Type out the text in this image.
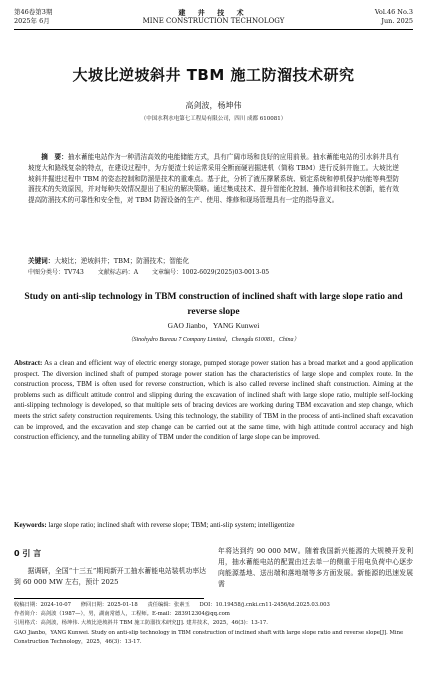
第46卷第3期
2025年 6月
建 井 技 术
MINE CONSTRUCTION TECHNOLOGY
Vol.46 No.3
Jun. 2025
大坡比逆坡斜井 TBM 施工防溜技术研究
高剑波，杨坤伟
（中国水利水电第七工程局有限公司，四川 成都 610081）
摘　要：抽水蓄能电站作为一种清洁高效的电能储能方式，具有广阔市场和良好的应用前景。抽水蓄能电站的引水斜井具有坡度大和路线复杂的特点，在建设过程中，为方便渣土转运常采用全断面硬岩掘进机（简称 TBM）进行反斜井施工。大坡比逆坡斜井掘进过程中 TBM 的姿态控制和防溜是技术的重难点。基于此，分析了液压撑紧系统、锁定系统和停机保护功能等典型防溜技术的失效原因，并对每种失效情况提出了相应的解决策略。通过集成技术、提升智能化控制、操作培训和技术创新，能有效提高防溜技术的可靠性和安全性，对 TBM 防溜设备的生产、使用、维修和现场管理具有一定的指导意义。
关键词：大坡比；逆坡斜井；TBM；防溜技术；智能化
中图分类号：TV743 文献标志码：A 文章编号：1002-6029(2025)03-0013-05
Study on anti-slip technology in TBM construction of inclined shaft with large slope ratio and reverse slope
GAO Jianbo，YANG Kunwei
（Sinohydro Bureau 7 Company Limited，Chengdu 610081，China）
Abstract: As a clean and efficient way of electric energy storage, pumped storage power station has a broad market and a good application prospect. The diversion inclined shaft of pumped storage power station has the characteristics of large slope and complex route. In the construction process, TBM is often used for reverse construction, which is also called reverse inclined shaft construction. Aiming at the problems such as difficult attitude control and slipping during the excavation of inclined shaft with large slope ratio, multiple self-locking anti-slipping technology is developed, so that multiple sets of bracing devices are working during TBM excavation and step change, which meets the strict safety construction requirements. Using this technology, the stability of TBM in the process of anti-inclined shaft excavation can be improved, and the excavation and step change can be carried out at the same time, with high attitude control accuracy and high construction efficiency, and the tunneling ability of TBM under the condition of large slope can be improved.
Keywords: large slope ratio; inclined shaft with reverse slope; TBM; anti-slip system; intelligentize
0 引 言
据调研，全国“十三五”期间新开工抽水蓄能电站装机功率达到 60 000 MW 左右，预计 2025
年将达到约 90 000 MW。随着我国新兴能源的大规模开发利用，抽水蓄能电站的配置由过去单一的侧重于用电负荷中心逐步向能源基地、送出端和落地端等多方面发展。新能源的迅速发展需
收稿日期：2024-10-07 修回日期：2025-01-18 责任编辑：张素玉 DOI：10.19458/j.cnki.cn11-2456/td.2025.03.003
作者简介：高剑波（1987—），男，湖南常德人，工程师。E-mail：283912304@qq.com
引用格式：高剑波，杨坤伟. 大坡比逆坡斜井 TBM 施工防溜技术研究[J]. 建井技术，2025，46(3)：13-17.
GAO Jianbo，YANG Kunwei. Study on anti-slip technology in TBM construction of inclined shaft with large slope ratio and reverse slope[J]. Mine Construction Technology，2025，46(3)：13-17.
